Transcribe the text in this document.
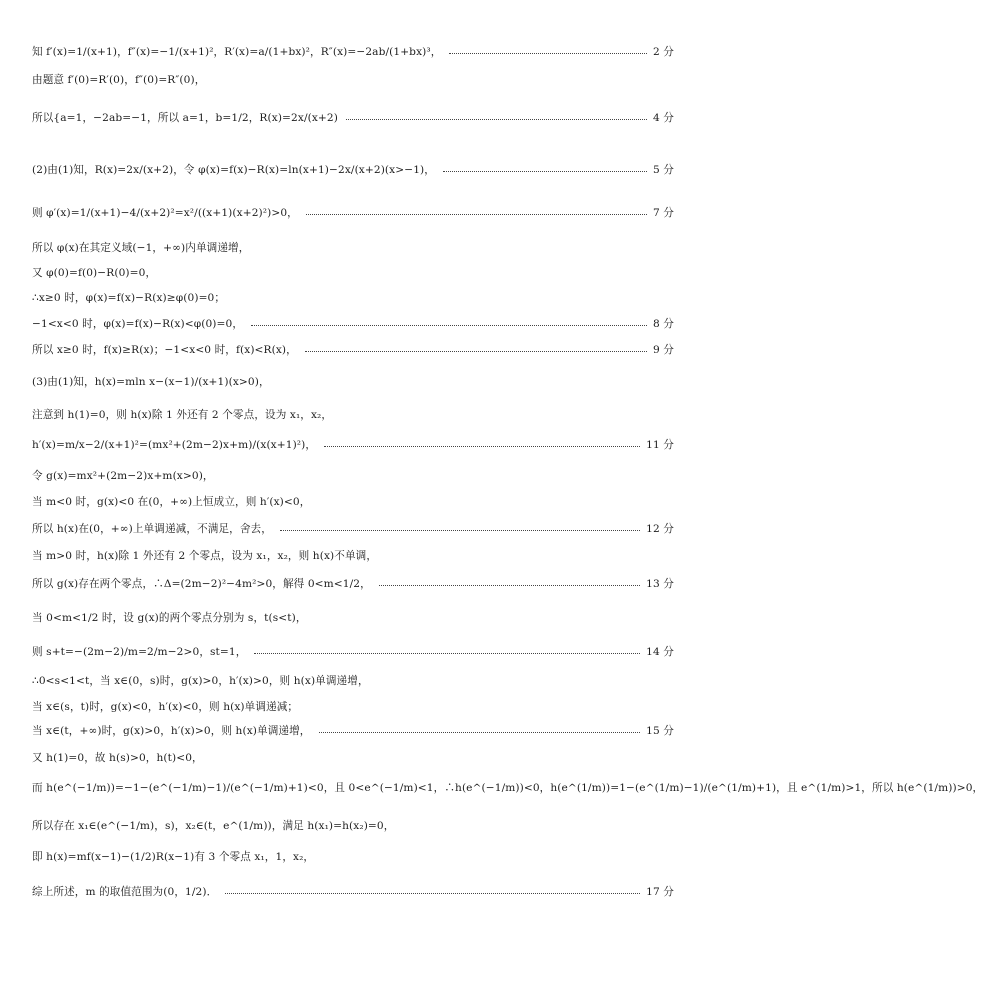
知 f′(x)=1/(x+1)，f″(x)=−1/(x+1)²，R′(x)=a/(1+bx)²，R″(x)=−2ab/(1+bx)³，	2 分
由题意 f′(0)=R′(0)，f″(0)=R″(0)，
所以{a=1，−2ab=−1，所以 a=1，b=1/2，R(x)=2x/(x+2)	4 分
(2)由(1)知，R(x)=2x/(x+2)，令 φ(x)=f(x)−R(x)=ln(x+1)−2x/(x+2)(x>−1)，	5 分
则 φ′(x)=1/(x+1)−4/(x+2)²=x²/((x+1)(x+2)²)>0，	7 分
所以 φ(x)在其定义域(−1，+∞)内单调递增，
又 φ(0)=f(0)−R(0)=0，
∴x≥0 时，φ(x)=f(x)−R(x)≥φ(0)=0；
−1<x<0 时，φ(x)=f(x)−R(x)<φ(0)=0，	8 分
所以 x≥0 时，f(x)≥R(x)；−1<x<0 时，f(x)<R(x)，	9 分
(3)由(1)知，h(x)=mln x−(x−1)/(x+1)(x>0)，
注意到 h(1)=0，则 h(x)除 1 外还有 2 个零点，设为 x₁，x₂，
h′(x)=m/x−2/(x+1)²=(mx²+(2m−2)x+m)/(x(x+1)²)，	11 分
令 g(x)=mx²+(2m−2)x+m(x>0)，
当 m<0 时，g(x)<0 在(0，+∞)上恒成立，则 h′(x)<0，
所以 h(x)在(0，+∞)上单调递减，不满足，舍去，	12 分
当 m>0 时，h(x)除 1 外还有 2 个零点，设为 x₁，x₂，则 h(x)不单调，
所以 g(x)存在两个零点，∴Δ=(2m−2)²−4m²>0，解得 0<m<1/2，	13 分
当 0<m<1/2 时，设 g(x)的两个零点分别为 s，t(s<t)，
则 s+t=−(2m−2)/m=2/m−2>0，st=1，	14 分
∴0<s<1<t，当 x∈(0，s)时，g(x)>0，h′(x)>0，则 h(x)单调递增，
当 x∈(s，t)时，g(x)<0，h′(x)<0，则 h(x)单调递减；
当 x∈(t，+∞)时，g(x)>0，h′(x)>0，则 h(x)单调递增，	15 分
又 h(1)=0，故 h(s)>0，h(t)<0，
而 h(e^(−1/m))=−1−(e^(−1/m)−1)/(e^(−1/m)+1)<0，且 0<e^(−1/m)<1，∴h(e^(−1/m))<0，h(e^(1/m))=1−(e^(1/m)−1)/(e^(1/m)+1)，且 e^(1/m)>1，所以 h(e^(1/m))>0，
所以存在 x₁∈(e^(−1/m)，s)，x₂∈(t，e^(1/m))，满足 h(x₁)=h(x₂)=0，
即 h(x)=mf(x−1)−(1/2)R(x−1)有 3 个零点 x₁，1，x₂，
综上所述，m 的取值范围为(0，1/2)．	17 分
